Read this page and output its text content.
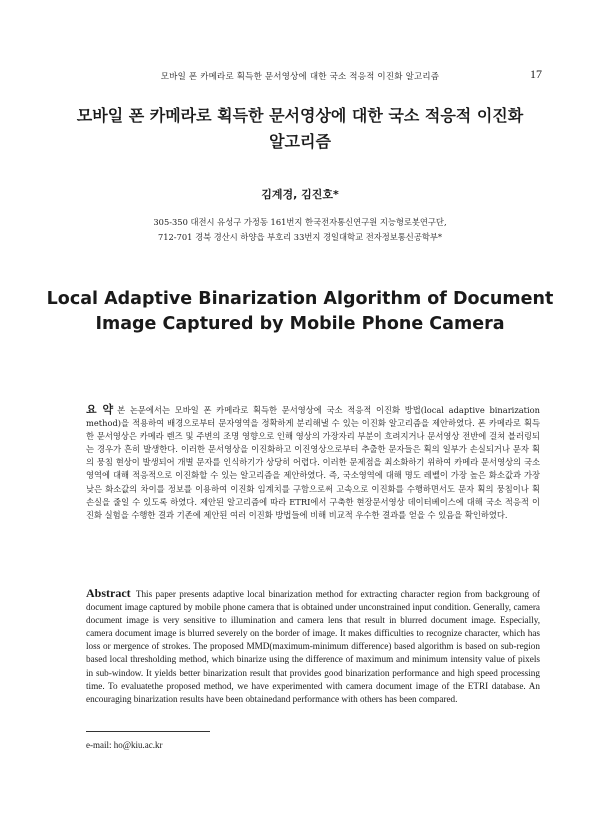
모바일 폰 카메라로 획득한 문서영상에 대한 국소 적응적 이진화 알고리즘	17
모바일 폰 카메라로 획득한 문서영상에 대한 국소 적응적 이진화
알고리즘
김계경, 김진호*
305-350 대전시 유성구 가정동 161번지 한국전자통신연구원 지능형로봇연구단,
712-701 경북 경산시 하양읍 부호리 33번지 경일대학교 전자정보통신공학부*
Local Adaptive Binarization Algorithm of Document
Image Captured by Mobile Phone Camera
요 약 본 논문에서는 모바일 폰 카메라로 획득한 문서영상에 국소 적응적 이진화 방법(local adaptive binarization method)을 적용하여 배경으로부터 문자영역을 정확하게 분리해낼 수 있는 이진화 알고리즘을 제안하였다. 폰 카메라로 획득한 문서영상은 카메라 렌즈 및 주변의 조명 영향으로 인해 영상의 가장자리 부분이 흐려지거나 문서영상 전반에 걸쳐 블러링되는 경우가 흔히 발생한다. 이러한 문서영상을 이진화하고 이진영상으로부터 추출한 문자들은 획의 일부가 손실되거나 문자 획의 뭉침 현상이 발생되어 개별 문자를 인식하기가 상당히 어렵다. 이러한 문제점을 최소화하기 위하여 카메라 문서영상의 국소 영역에 대해 적응적으로 이진화할 수 있는 알고리즘을 제안하였다. 즉, 국소영역에 대해 명도 레벨이 가장 높은 화소값과 가장 낮은 화소값의 차이를 정보를 이용하여 이진화 임계치를 구함으로써 고속으로 이진화를 수행하면서도 문자 획의 뭉침이나 획 손실을 줄일 수 있도록 하였다. 제안된 알고리즘에 따라 ETRI에서 구축한 현장문서영상 데이터베이스에 대해 국소 적응적 이진화 실험을 수행한 결과 기존에 제안된 여러 이진화 방법들에 비해 비교적 우수한 결과를 얻을 수 있음을 확인하였다.
Abstract This paper presents adaptive local binarization method for extracting character region from backgroung of document image captured by mobile phone camera that is obtained under unconstrained input condition. Generally, camera document image is very sensitive to illumination and camera lens that result in blurred document image. Especially, camera document image is blurred severely on the border of image. It makes difficulties to recognize character, which has loss or mergence of strokes. The proposed MMD(maximum-minimum difference) based algorithm is based on sub-region based local thresholding method, which binarize using the difference of maximum and minimum intensity value of pixels in sub-window. It yields better binarization result that provides good binarization performance and high speed processing time. To evaluatethe proposed method, we have experimented with camera document image of the ETRI database. An encouraging binarization results have been obtainedand performance with others has been compared.
e-mail: ho@kiu.ac.kr
